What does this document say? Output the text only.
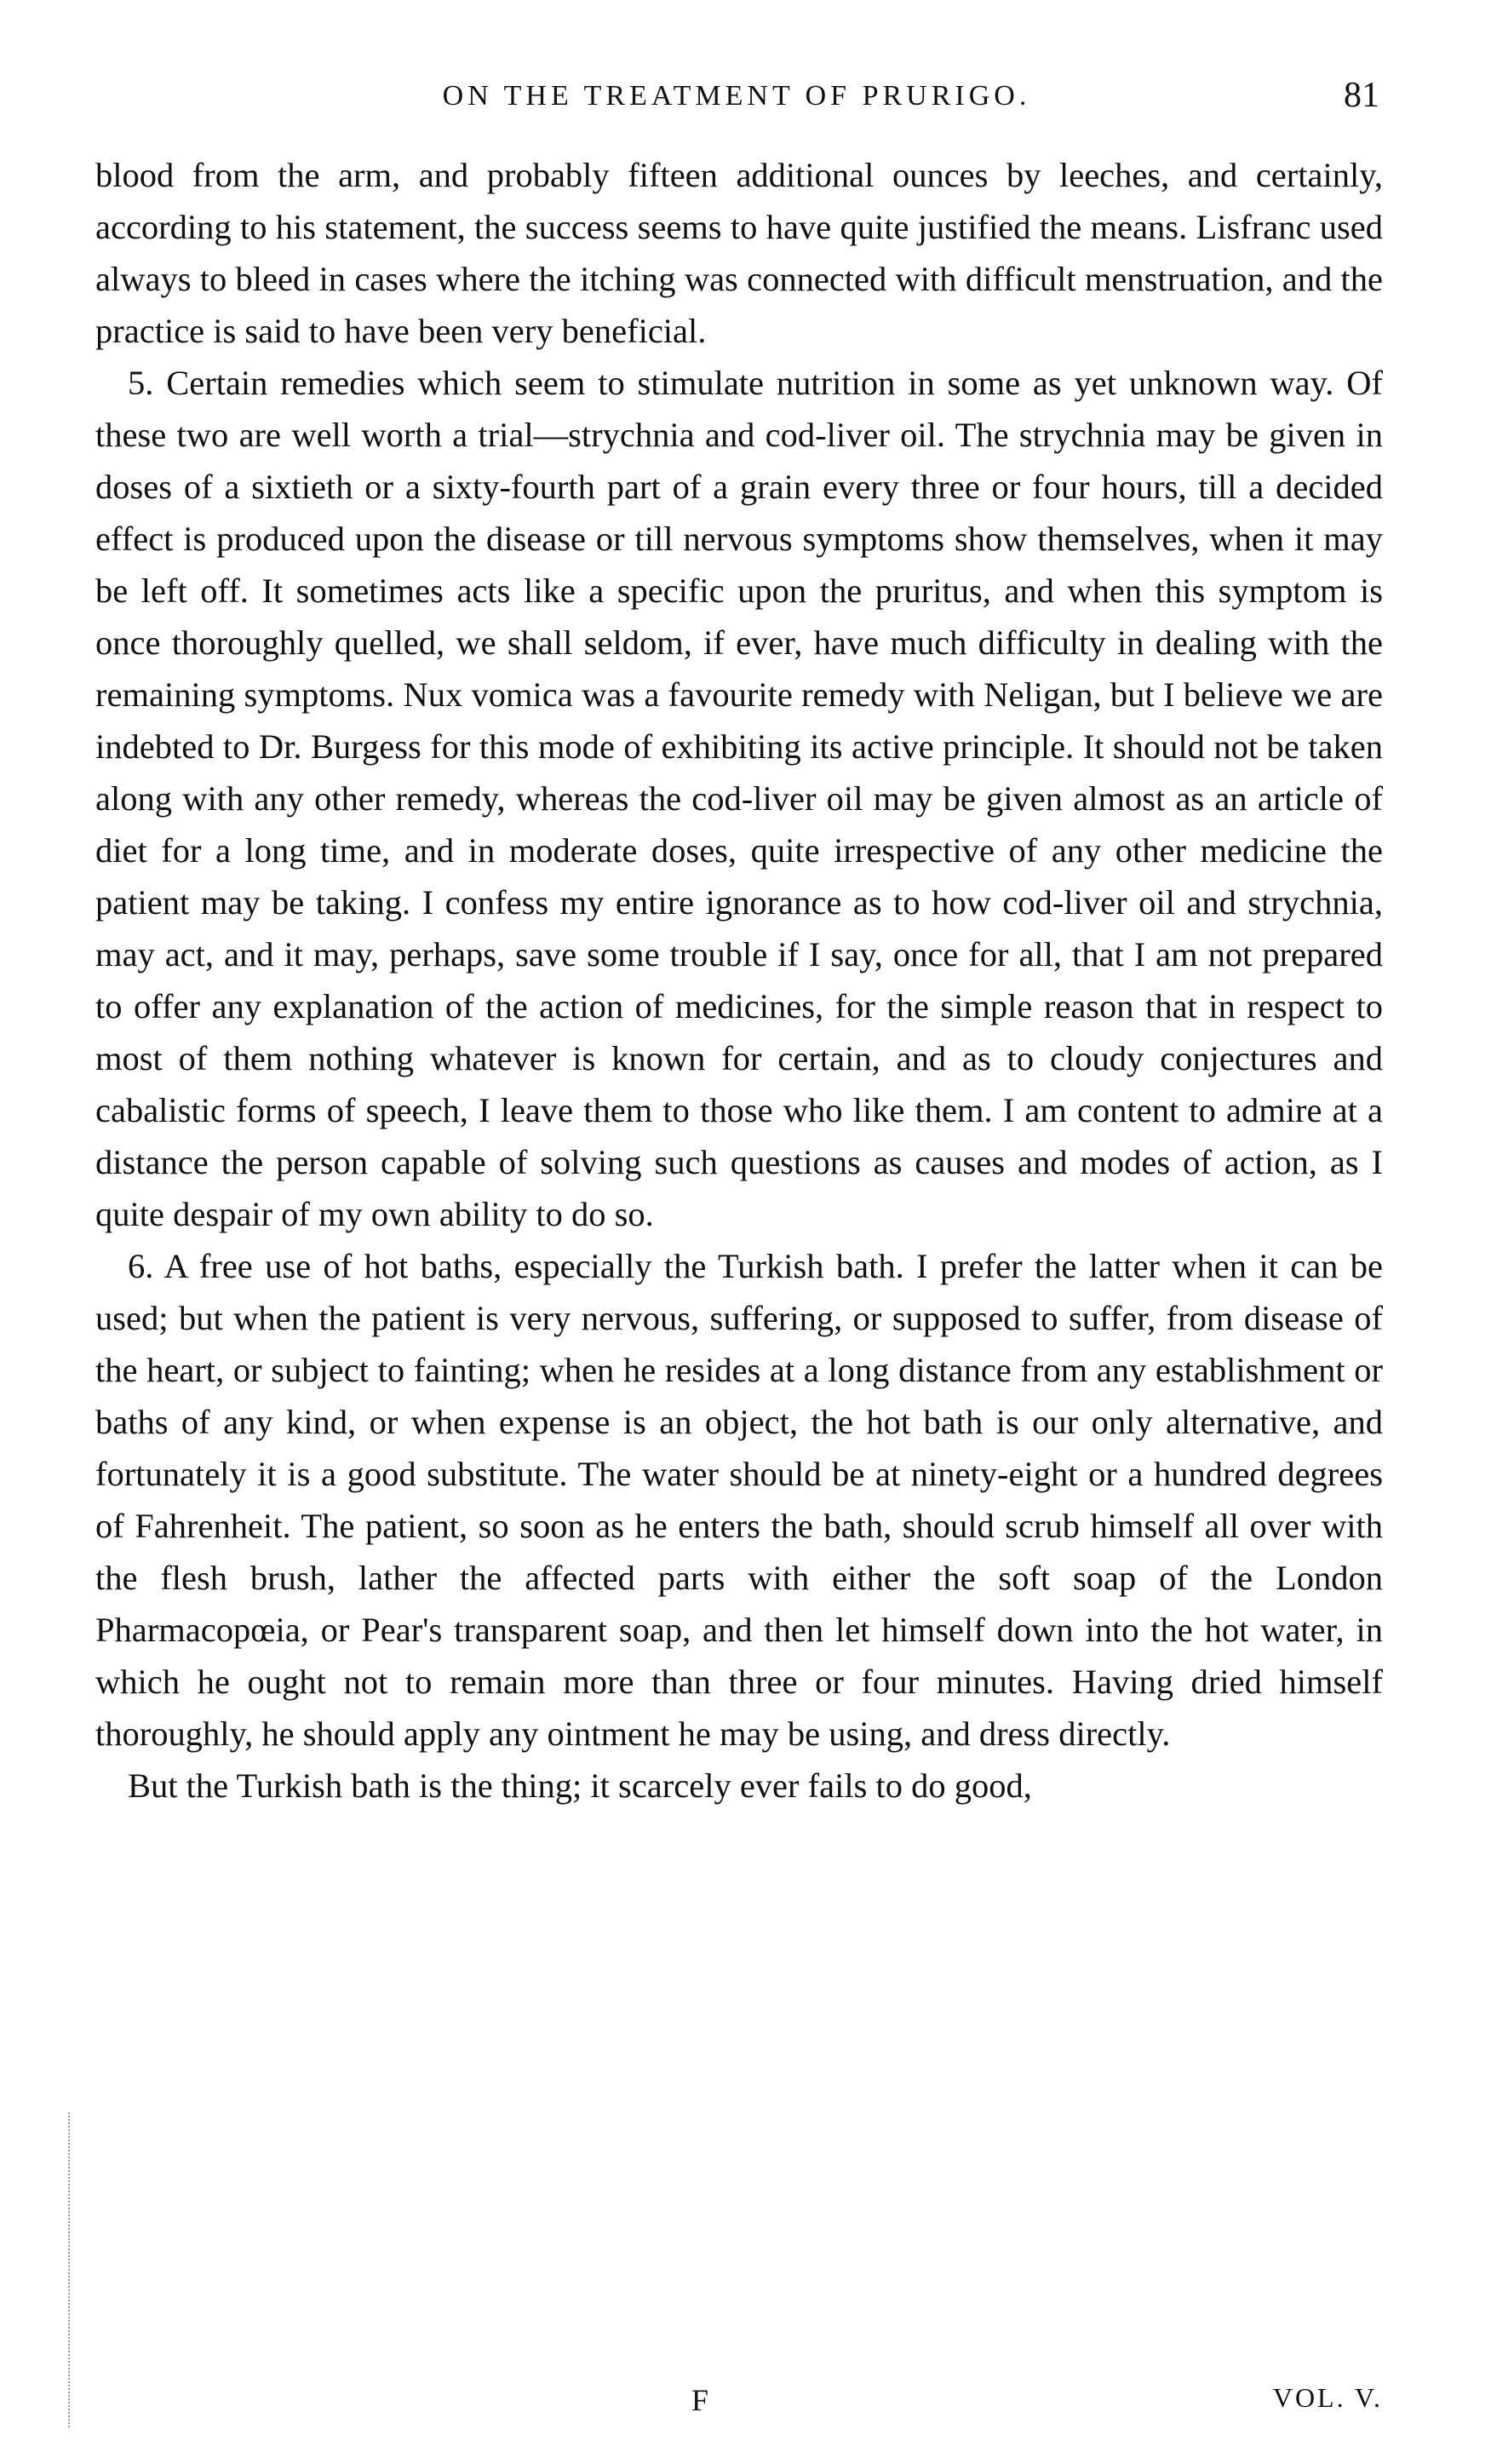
ON THE TREATMENT OF PRURIGO.	81

blood from the arm, and probably fifteen additional ounces by leeches, and certainly, according to his statement, the success seems to have quite justified the means. Lisfranc used always to bleed in cases where the itching was connected with difficult menstruation, and the practice is said to have been very beneficial.

5. Certain remedies which seem to stimulate nutrition in some as yet unknown way. Of these two are well worth a trial—strychnia and cod-liver oil. The strychnia may be given in doses of a sixtieth or a sixty-fourth part of a grain every three or four hours, till a decided effect is produced upon the disease or till nervous symptoms show themselves, when it may be left off. It sometimes acts like a specific upon the pruritus, and when this symptom is once thoroughly quelled, we shall seldom, if ever, have much difficulty in dealing with the remaining symptoms. Nux vomica was a favourite remedy with Neligan, but I believe we are indebted to Dr. Burgess for this mode of exhibiting its active principle. It should not be taken along with any other remedy, whereas the cod-liver oil may be given almost as an article of diet for a long time, and in moderate doses, quite irrespective of any other medicine the patient may be taking. I confess my entire ignorance as to how cod-liver oil and strychnia, may act, and it may, perhaps, save some trouble if I say, once for all, that I am not prepared to offer any explanation of the action of medicines, for the simple reason that in respect to most of them nothing whatever is known for certain, and as to cloudy conjectures and cabalistic forms of speech, I leave them to those who like them. I am content to admire at a distance the person capable of solving such questions as causes and modes of action, as I quite despair of my own ability to do so.

6. A free use of hot baths, especially the Turkish bath. I prefer the latter when it can be used; but when the patient is very nervous, suffering, or supposed to suffer, from disease of the heart, or subject to fainting; when he resides at a long distance from any establishment or baths of any kind, or when expense is an object, the hot bath is our only alternative, and fortunately it is a good substitute. The water should be at ninety-eight or a hundred degrees of Fahrenheit. The patient, so soon as he enters the bath, should scrub himself all over with the flesh brush, lather the affected parts with either the soft soap of the London Pharmacopœia, or Pear's transparent soap, and then let himself down into the hot water, in which he ought not to remain more than three or four minutes. Having dried himself thoroughly, he should apply any ointment he may be using, and dress directly.

But the Turkish bath is the thing; it scarcely ever fails to do good,

F	VOL. V.
